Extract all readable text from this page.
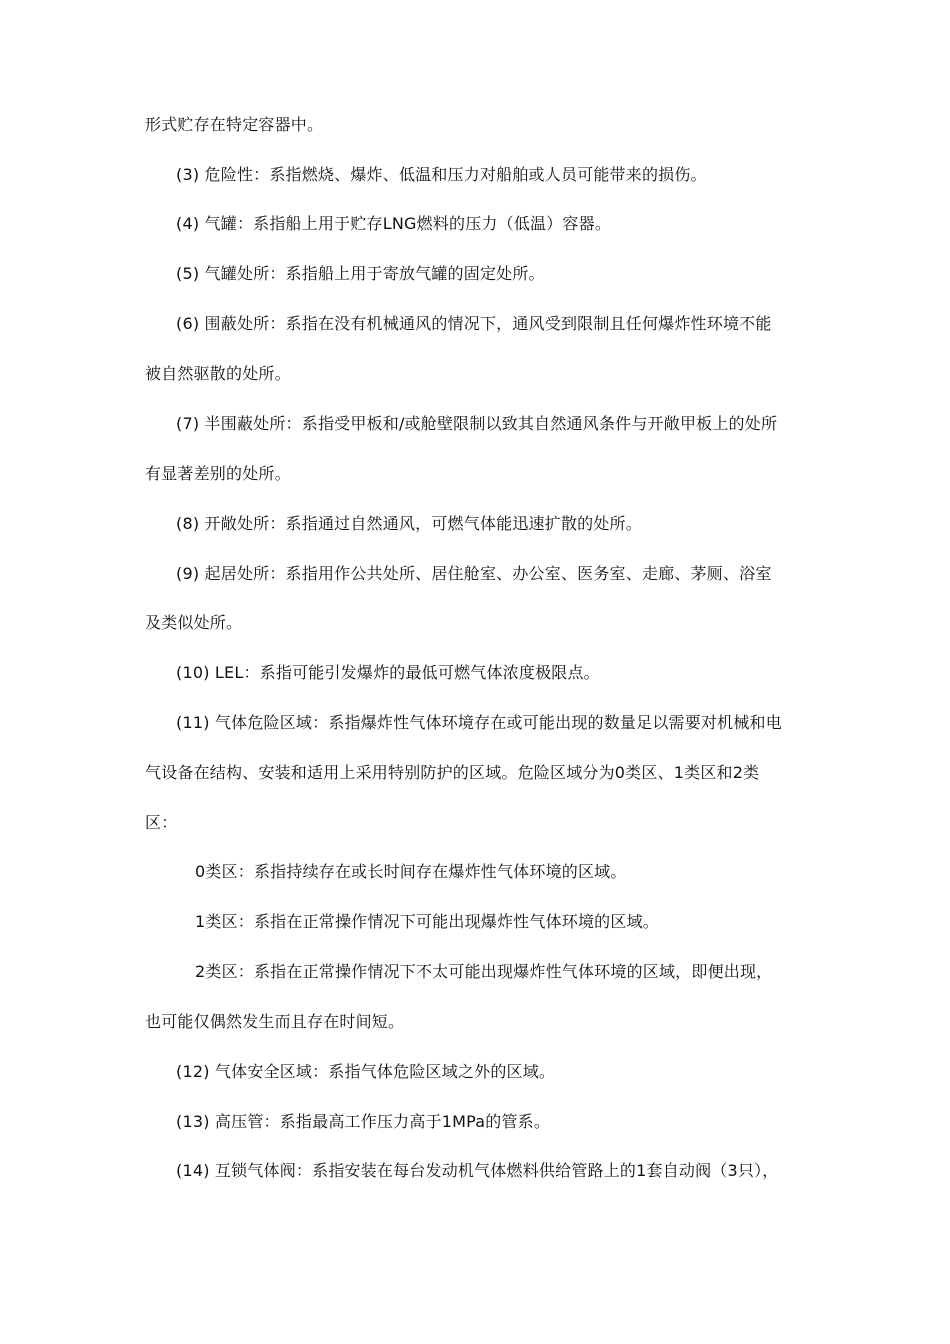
形式贮存在特定容器中。
(3) 危险性：系指燃烧、爆炸、低温和压力对船舶或人员可能带来的损伤。
(4) 气罐：系指船上用于贮存LNG燃料的压力（低温）容器。
(5) 气罐处所：系指船上用于寄放气罐的固定处所。
(6) 围蔽处所：系指在没有机械通风的情况下，通风受到限制且任何爆炸性环境不能
被自然驱散的处所。
(7) 半围蔽处所：系指受甲板和/或舱壁限制以致其自然通风条件与开敞甲板上的处所
有显著差别的处所。
(8) 开敞处所：系指通过自然通风，可燃气体能迅速扩散的处所。
(9) 起居处所：系指用作公共处所、居住舱室、办公室、医务室、走廊、茅厕、浴室
及类似处所。
(10) LEL：系指可能引发爆炸的最低可燃气体浓度极限点。
(11) 气体危险区域：系指爆炸性气体环境存在或可能出现的数量足以需要对机械和电
气设备在结构、安装和适用上采用特别防护的区域。危险区域分为0类区、1类区和2类
区：
0类区：系指持续存在或长时间存在爆炸性气体环境的区域。
1类区：系指在正常操作情况下可能出现爆炸性气体环境的区域。
2类区：系指在正常操作情况下不太可能出现爆炸性气体环境的区域，即便出现，
也可能仅偶然发生而且存在时间短。
(12) 气体安全区域：系指气体危险区域之外的区域。
(13) 高压管：系指最高工作压力高于1MPa的管系。
(14) 互锁气体阀：系指安装在每台发动机气体燃料供给管路上的1套自动阀（3只），
